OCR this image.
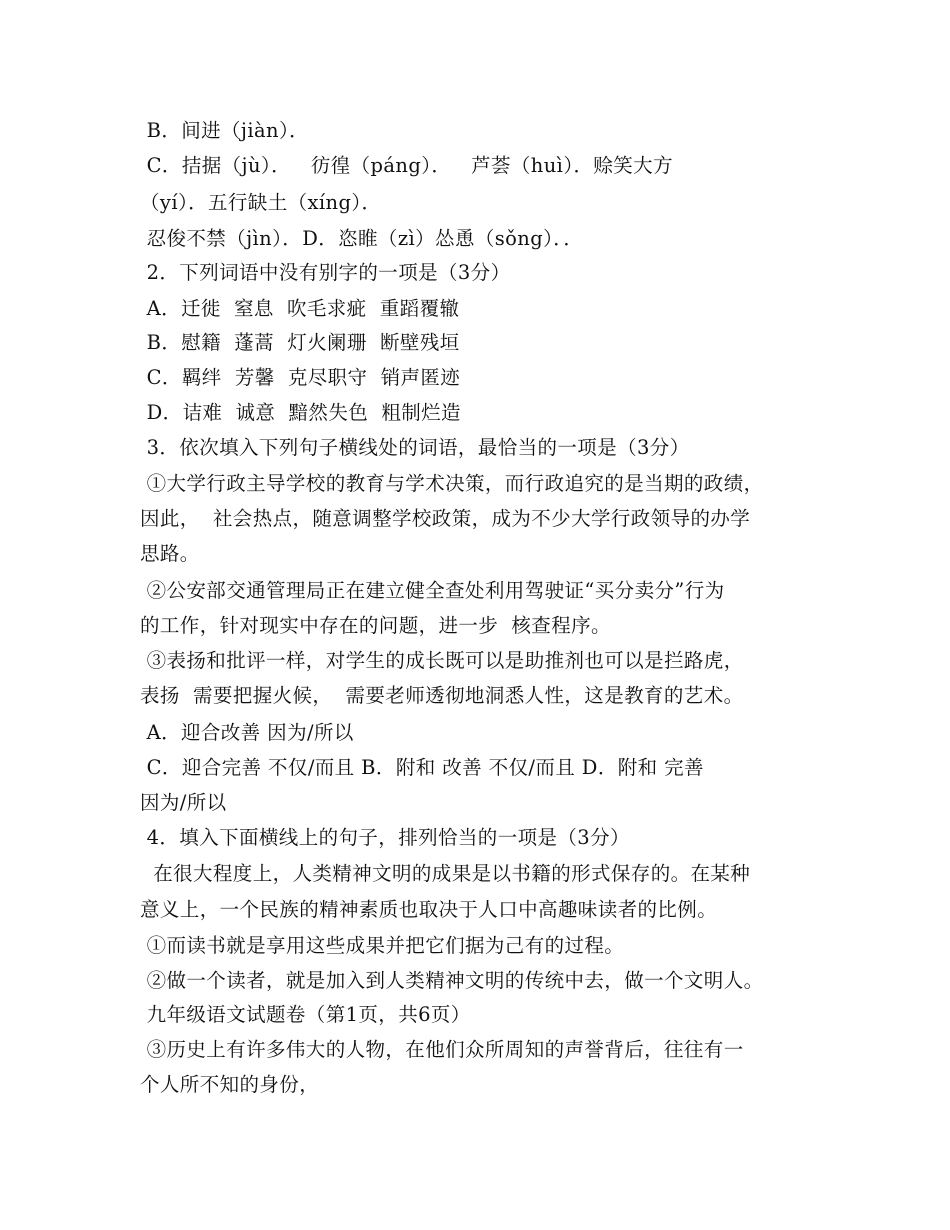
B．间进（jiàn）．
C．拮据（jù）．   彷徨（páng）．   芦荟（huì）．赊笑大方
（yí）．五行缺土（xíng）．
忍俊不禁（jìn）．D．恣睢（zì）怂恿（sǒng）．．
2．下列词语中没有别字的一项是（3分）
A．迁徙  窒息  吹毛求疵  重蹈覆辙
B．慰籍  蓬蒿  灯火阑珊  断壁残垣
C．羁绊  芳馨  克尽职守  销声匿迹
D．诘难  诚意  黯然失色  粗制烂造
3．依次填入下列句子横线处的词语，最恰当的一项是（3分）
①大学行政主导学校的教育与学术决策，而行政追究的是当期的政绩，
因此，  社会热点，随意调整学校政策，成为不少大学行政领导的办学
思路。
②公安部交通管理局正在建立健全查处利用驾驶证“买分卖分”行为
的工作，针对现实中存在的问题，进一步  核查程序。
③表扬和批评一样，对学生的成长既可以是助推剂也可以是拦路虎，
表扬  需要把握火候，  需要老师透彻地洞悉人性，这是教育的艺术。
A．迎合改善 因为/所以
C．迎合完善 不仅/而且 B．附和 改善 不仅/而且 D．附和 完善
因为/所以
4．填入下面横线上的句子，排列恰当的一项是（3分）
在很大程度上，人类精神文明的成果是以书籍的形式保存的。在某种
意义上，一个民族的精神素质也取决于人口中高趣味读者的比例。
①而读书就是享用这些成果并把它们据为己有的过程。
②做一个读者，就是加入到人类精神文明的传统中去，做一个文明人。
九年级语文试题卷（第1页，共6页）
③历史上有许多伟大的人物，在他们众所周知的声誉背后，往往有一
个人所不知的身份，
